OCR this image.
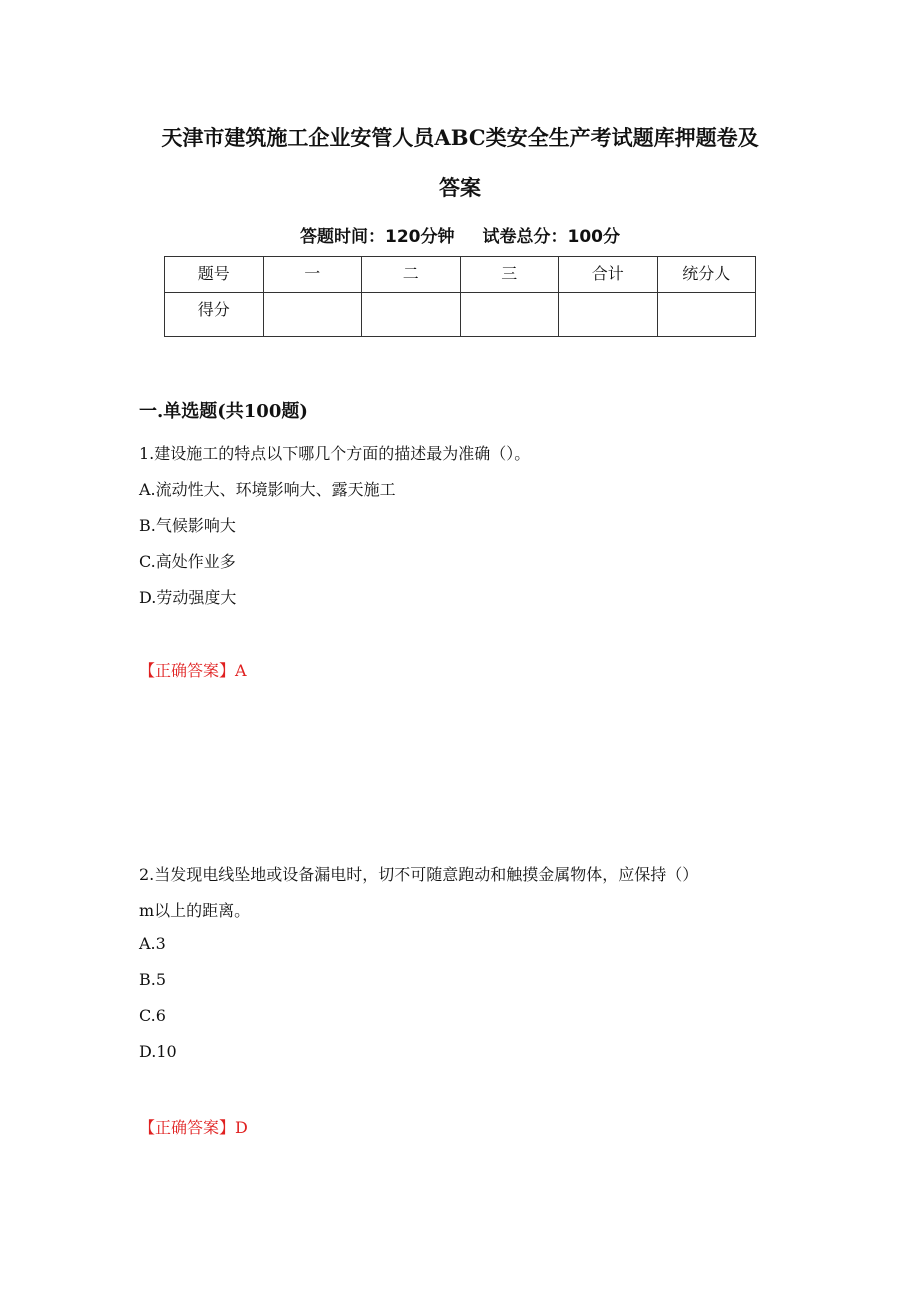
天津市建筑施工企业安管人员ABC类安全生产考试题库押题卷及
答案
答题时间：120分钟 试卷总分：100分
题号	一	二	三	合计	统分人
得分					
一.单选题(共100题)
1.建设施工的特点以下哪几个方面的描述最为准确（）。
A.流动性大、环境影响大、露天施工
B.气候影响大
C.高处作业多
D.劳动强度大
【正确答案】A
2.当发现电线坠地或设备漏电时，切不可随意跑动和触摸金属物体，应保持（）
m以上的距离。
A.3
B.5
C.6
D.10
【正确答案】D
